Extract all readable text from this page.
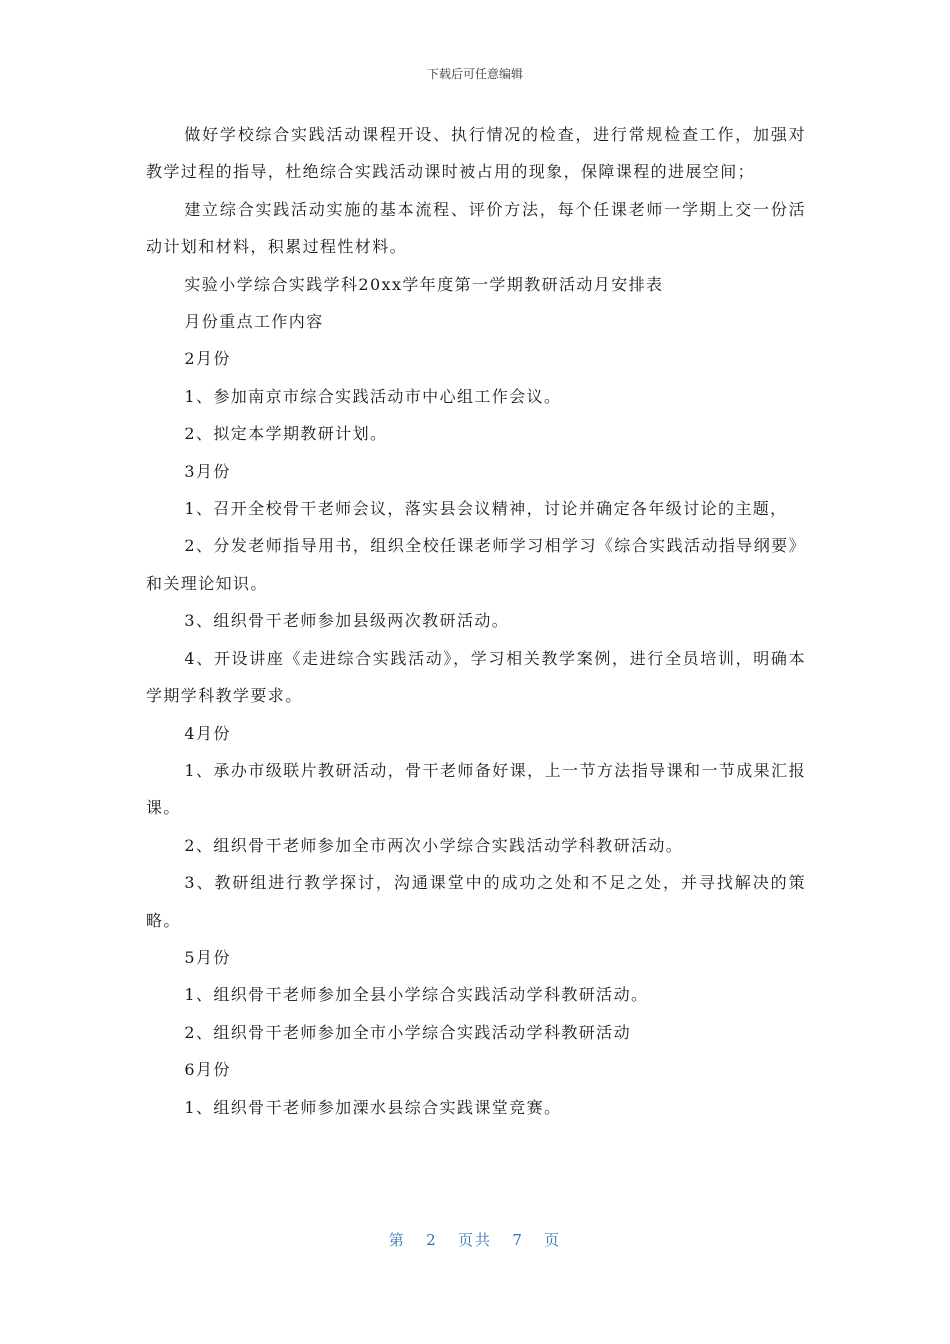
下载后可任意编辑

做好学校综合实践活动课程开设、执行情况的检查，进行常规检查工作，加强对教学过程的指导，杜绝综合实践活动课时被占用的现象，保障课程的进展空间；

建立综合实践活动实施的基本流程、评价方法，每个任课老师一学期上交一份活动计划和材料，积累过程性材料。

实验小学综合实践学科20xx学年度第一学期教研活动月安排表

月份重点工作内容

2月份

1、参加南京市综合实践活动市中心组工作会议。

2、拟定本学期教研计划。

3月份

1、召开全校骨干老师会议，落实县会议精神，讨论并确定各年级讨论的主题，

2、分发老师指导用书，组织全校任课老师学习相学习《综合实践活动指导纲要》和关理论知识。

3、组织骨干老师参加县级两次教研活动。

4、开设讲座《走进综合实践活动》，学习相关教学案例，进行全员培训，明确本学期学科教学要求。

4月份

1、承办市级联片教研活动，骨干老师备好课，上一节方法指导课和一节成果汇报课。

2、组织骨干老师参加全市两次小学综合实践活动学科教研活动。

3、教研组进行教学探讨，沟通课堂中的成功之处和不足之处，并寻找解决的策略。

5月份

1、组织骨干老师参加全县小学综合实践活动学科教研活动。

2、组织骨干老师参加全市小学综合实践活动学科教研活动

6月份

1、组织骨干老师参加溧水县综合实践课堂竞赛。

第 2 页共 7 页
